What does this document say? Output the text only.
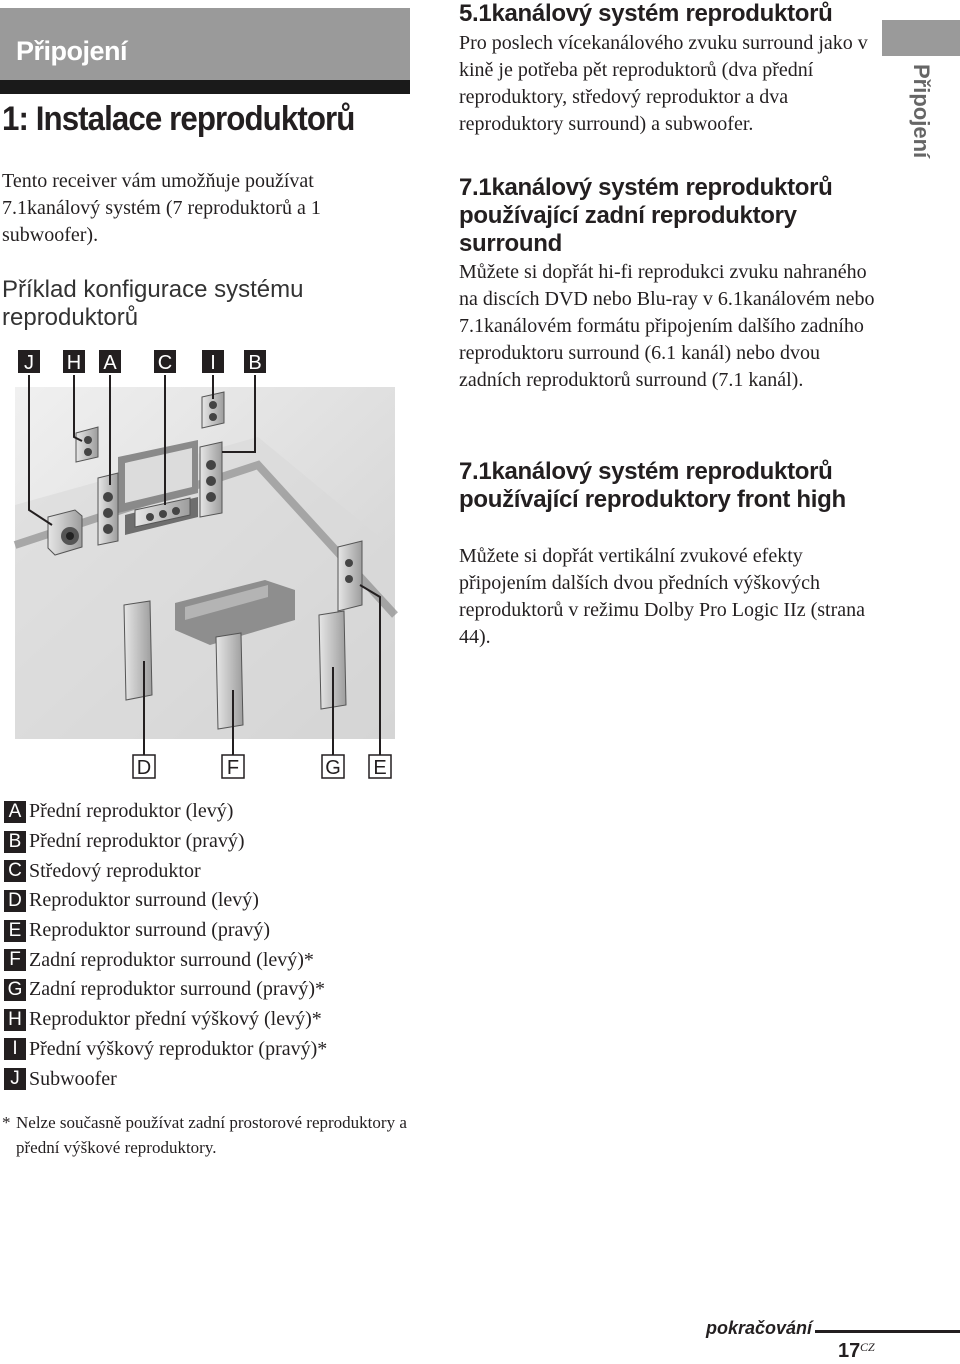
Připojení
1: Instalace reproduktorů
Tento receiver vám umožňuje používat 7.1kanálový systém (7 reproduktorů a 1 subwoofer).
Příklad konfigurace systému reproduktorů
J H A C I B
D	F	G E
5.1kanálový systém reproduktorů
Pro poslech vícekanálového zvuku surround jako v kině je potřeba pět reproduktorů (dva přední reproduktory, středový reproduktor a dva reproduktory surround) a subwoofer.
7.1kanálový systém reproduktorů používající zadní reproduktory surround
Můžete si dopřát hi-fi reprodukci zvuku nahraného na discích DVD nebo Blu-ray v 6.1kanálovém nebo 7.1kanálovém formátu připojením dalšího zadního reproduktoru surround (6.1 kanál) nebo dvou zadních reproduktorů surround (7.1 kanál).
7.1kanálový systém reproduktorů používající reproduktory front high
Můžete si dopřát vertikální zvukové efekty připojením dalších dvou předních výškových reproduktorů v režimu Dolby Pro Logic IIz (strana 44).
Připojení
A Přední reproduktor (levý)
B Přední reproduktor (pravý)
C Středový reproduktor
D Reproduktor surround (levý)
E Reproduktor surround (pravý)
F Zadní reproduktor surround (levý)*
G Zadní reproduktor surround (pravý)*
H Reproduktor přední výškový (levý)*
I Přední výškový reproduktor (pravý)*
J Subwoofer
* Nelze současně používat zadní prostorové reproduktory a přední výškové reproduktory.
pokračování
17 CZ
